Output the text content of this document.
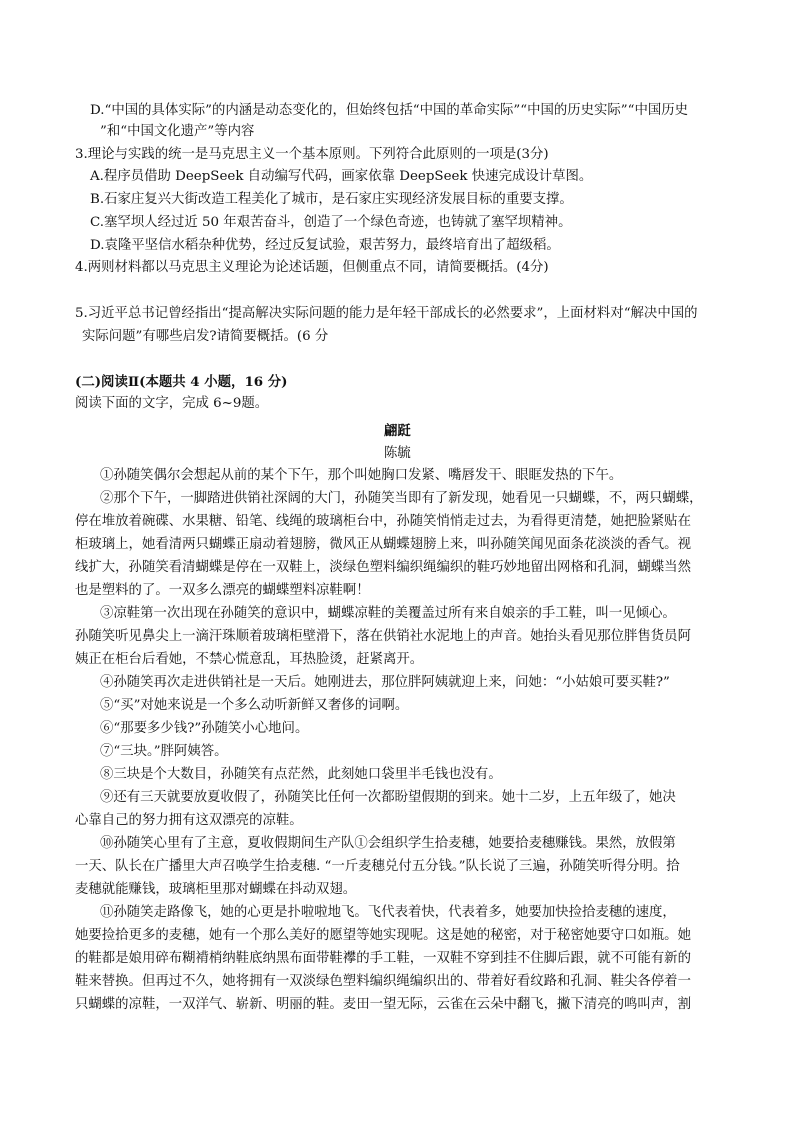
D.“中国的具体实际”的内涵是动态变化的，但始终包括“中国的革命实际”“中国的历史实际”“中国历史
”和“中国文化遗产”等内容
3.理论与实践的统一是马克思主义一个基本原则。下列符合此原则的一项是(3分)
A.程序员借助 DeepSeek 自动编写代码，画家依靠 DeepSeek 快速完成设计草图。
B.石家庄复兴大街改造工程美化了城市，是石家庄实现经济发展目标的重要支撑。
C.塞罕坝人经过近 50 年艰苦奋斗，创造了一个绿色奇迹，也铸就了塞罕坝精神。
D.袁隆平坚信水稻杂种优势，经过反复试验，艰苦努力，最终培育出了超级稻。
4.两则材料都以马克思主义理论为论述话题，但侧重点不同，请简要概括。(4分)
5.习近平总书记曾经指出“提高解决实际问题的能力是年轻干部成长的必然要求”，上面材料对“解决中国的
实际问题”有哪些启发?请简要概括。(6 分
(二)阅读Ⅱ(本题共 4 小题，16 分)
阅读下面的文字，完成 6~9题。
翩跹
陈毓
①孙随笑偶尔会想起从前的某个下午，那个叫她胸口发紧、嘴唇发干、眼眶发热的下午。
②那个下午，一脚踏进供销社深阔的大门，孙随笑当即有了新发现，她看见一只蝴蝶，不，两只蝴蝶，
停在堆放着碗碟、水果糖、铅笔、线绳的玻璃柜台中，孙随笑悄悄走过去，为看得更清楚，她把脸紧贴在
柜玻璃上，她看清两只蝴蝶正扇动着翅膀，微风正从蝴蝶翅膀上来，叫孙随笑闻见面条花淡淡的香气。视
线扩大，孙随笑看清蝴蝶是停在一双鞋上，淡绿色塑料编织绳编织的鞋巧妙地留出网格和孔洞，蝴蝶当然
也是塑料的了。一双多么漂亮的蝴蝶塑料凉鞋啊！
③凉鞋第一次出现在孙随笑的意识中，蝴蝶凉鞋的美覆盖过所有来自娘亲的手工鞋，叫一见倾心。
孙随笑听见鼻尖上一滴汗珠顺着玻璃柜壁滑下，落在供销社水泥地上的声音。她抬头看见那位胖售货员阿
姨正在柜台后看她，不禁心慌意乱，耳热脸烫，赶紧离开。
④孙随笑再次走进供销社是一天后。她刚进去，那位胖阿姨就迎上来，问她：“小姑娘可要买鞋?”
⑤“买”对她来说是一个多么动听新鲜又奢侈的词啊。
⑥“那要多少钱?”孙随笑小心地问。
⑦“三块。”胖阿姨答。
⑧三块是个大数目，孙随笑有点茫然，此刻她口袋里半毛钱也没有。
⑨还有三天就要放夏收假了，孙随笑比任何一次都盼望假期的到来。她十二岁，上五年级了，她决
心靠自己的努力拥有这双漂亮的凉鞋。
⑩孙随笑心里有了主意，夏收假期间生产队①会组织学生拾麦穗，她要拾麦穗赚钱。果然，放假第
一天、队长在广播里大声召唤学生拾麦穗. “一斤麦穗兑付五分钱。”队长说了三遍，孙随笑听得分明。拾
麦穗就能赚钱，玻璃柜里那对蝴蝶在抖动双翅。
⑪孙随笑走路像飞，她的心更是扑啦啦地飞。飞代表着快，代表着多，她要加快捡拾麦穗的速度，
她要捡拾更多的麦穗，她有一个那么美好的愿望等她实现呢。这是她的秘密，对于秘密她要守口如瓶。她
的鞋都是娘用碎布糊褙梢纳鞋底纳黑布面带鞋襻的手工鞋，一双鞋不穿到挂不住脚后跟，就不可能有新的
鞋来替换。但再过不久，她将拥有一双淡绿色塑料编织绳编织出的、带着好看纹路和孔洞、鞋尖各停着一
只蝴蝶的凉鞋，一双洋气、崭新、明丽的鞋。麦田一望无际，云雀在云朵中翻飞，撇下清亮的鸣叫声，割
